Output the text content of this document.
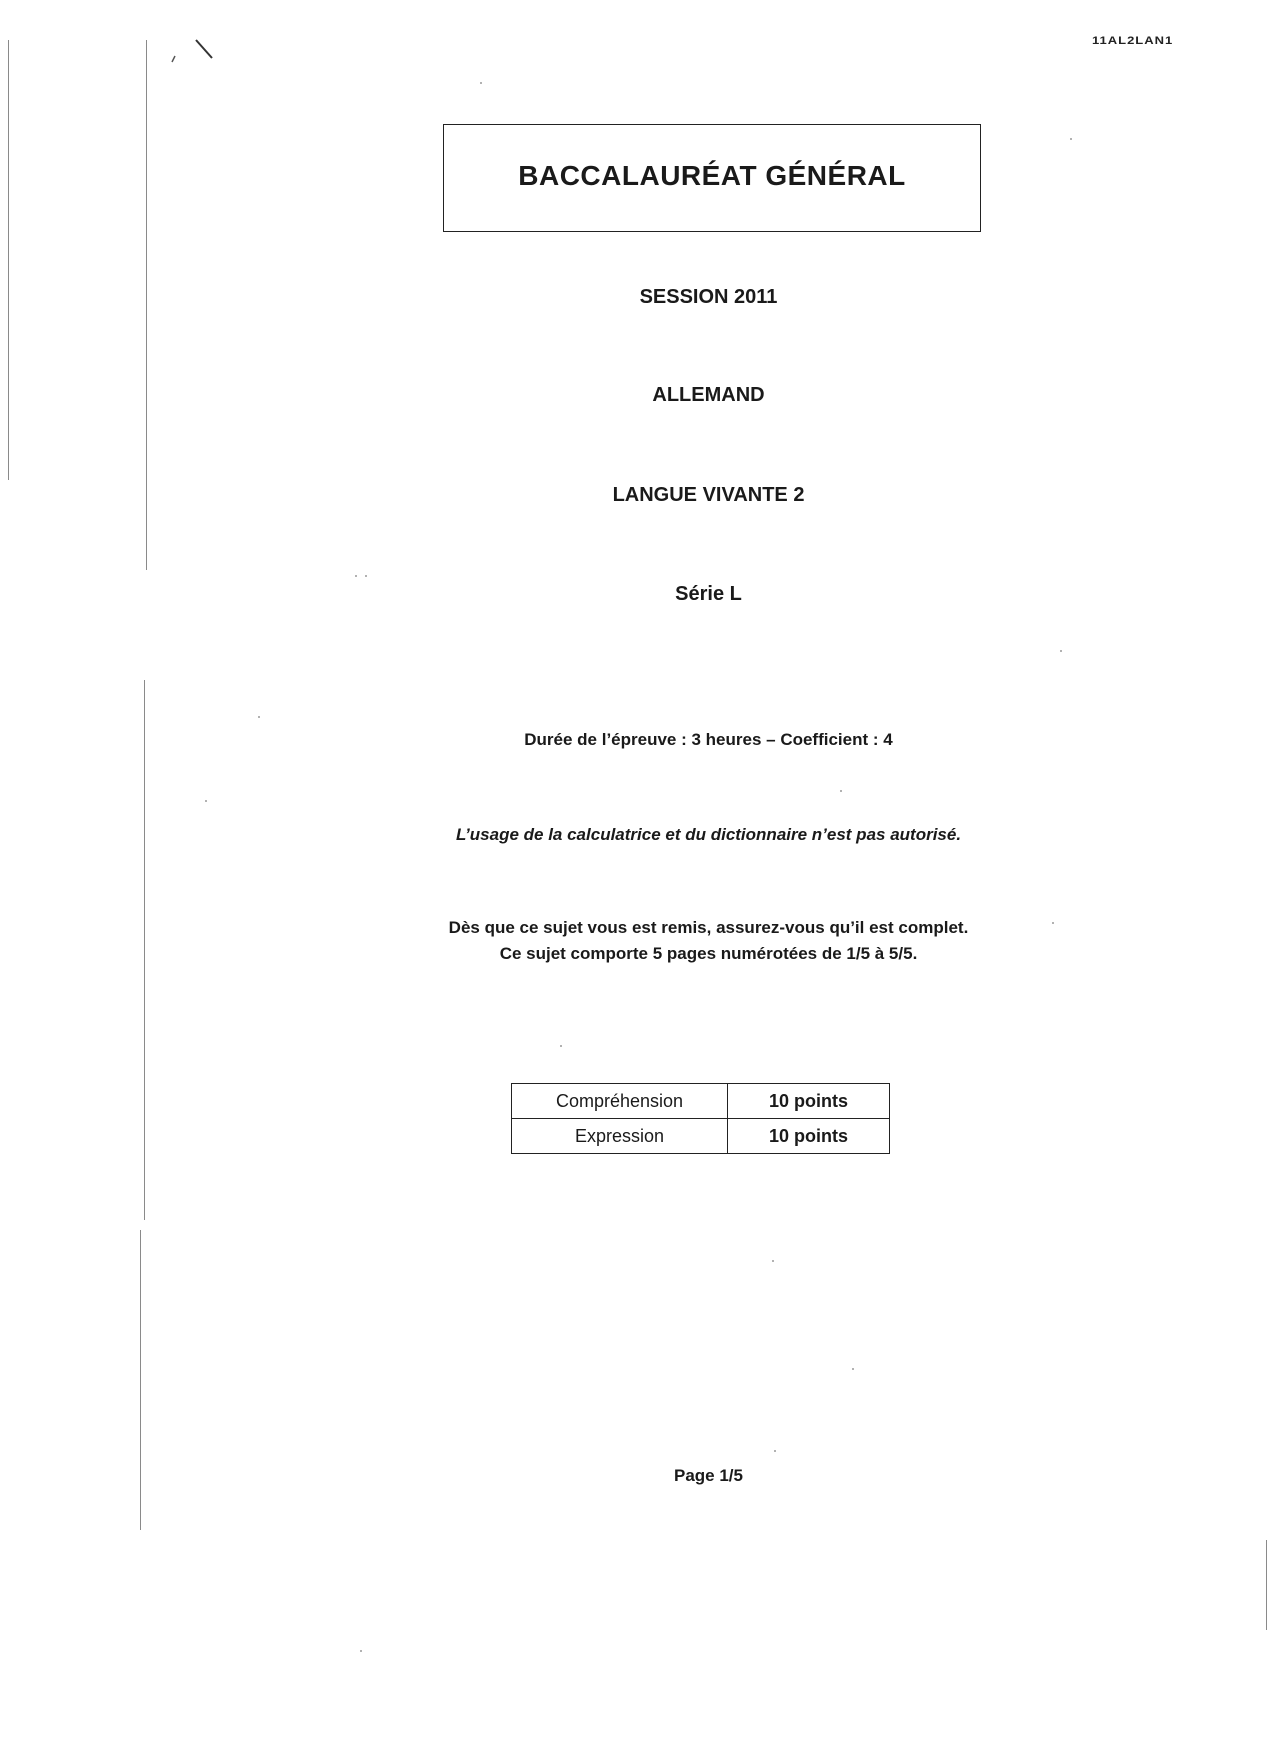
11AL2LAN1
BACCALAURÉAT GÉNÉRAL
SESSION 2011
ALLEMAND
LANGUE VIVANTE 2
Série L
Durée de l’épreuve : 3 heures – Coefficient : 4
L’usage de la calculatrice et du dictionnaire n’est pas autorisé.
Dès que ce sujet vous est remis, assurez-vous qu’il est complet.
Ce sujet comporte 5 pages numérotées de 1/5 à 5/5.
Compréhension	10 points
Expression	10 points
Page 1/5
